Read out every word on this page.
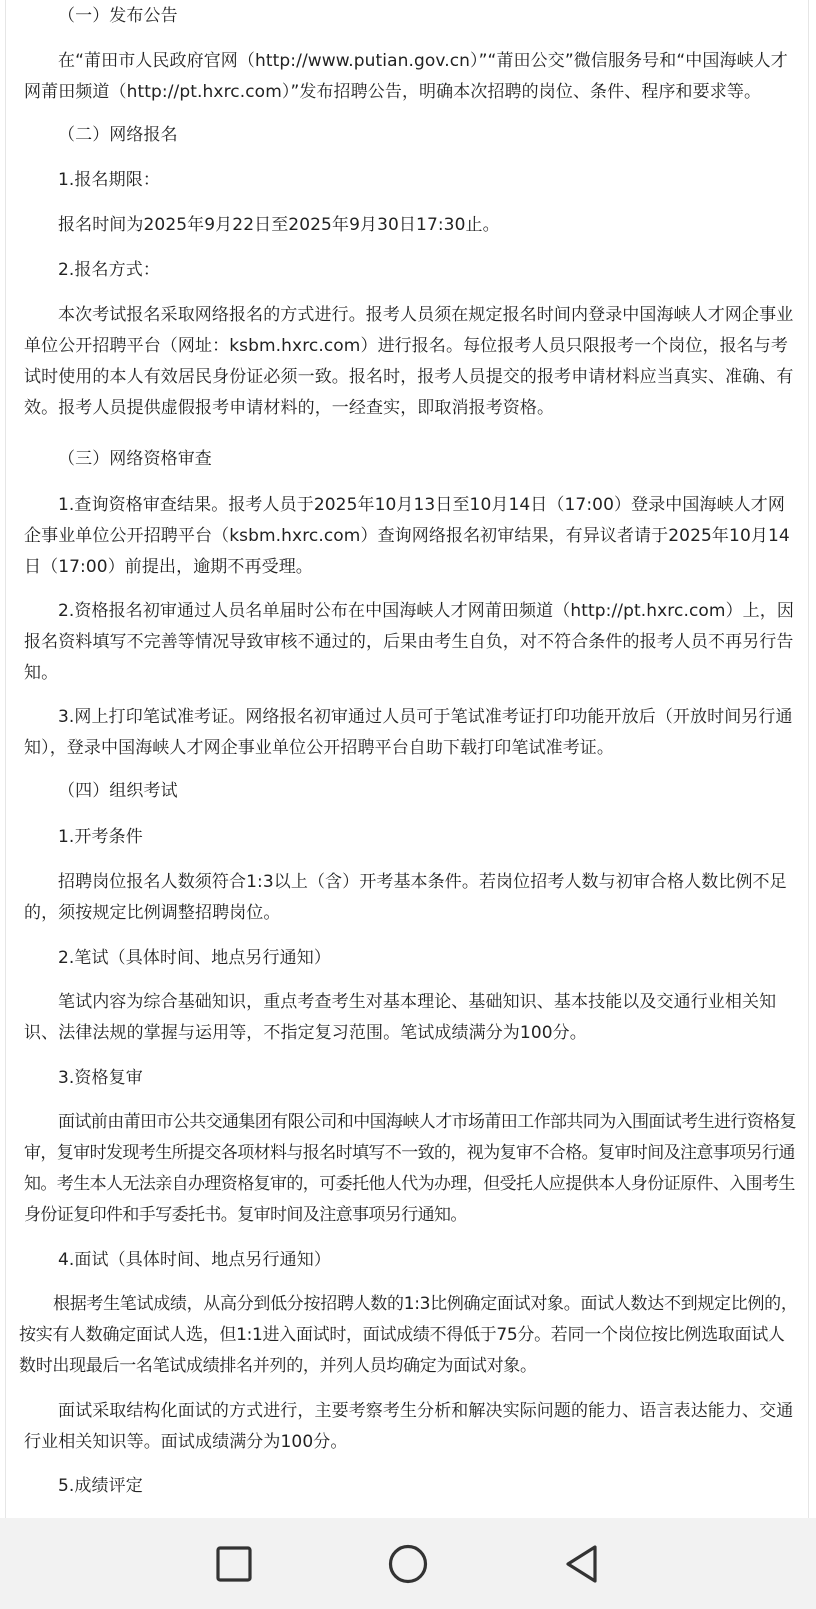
（一）发布公告

在“莆田市人民政府官网（http://www.putian.gov.cn）”“莆田公交”微信服务号和“中国海峡人才网莆田频道（http://pt.hxrc.com）”发布招聘公告，明确本次招聘的岗位、条件、程序和要求等。

（二）网络报名

1.报名期限：

报名时间为2025年9月22日至2025年9月30日17:30止。

2.报名方式：

本次考试报名采取网络报名的方式进行。报考人员须在规定报名时间内登录中国海峡人才网企事业单位公开招聘平台（网址：ksbm.hxrc.com）进行报名。每位报考人员只限报考一个岗位，报名与考试时使用的本人有效居民身份证必须一致。报名时，报考人员提交的报考申请材料应当真实、准确、有效。报考人员提供虚假报考申请材料的，一经查实，即取消报考资格。

（三）网络资格审查

1.查询资格审查结果。报考人员于2025年10月13日至10月14日（17:00）登录中国海峡人才网企事业单位公开招聘平台（ksbm.hxrc.com）查询网络报名初审结果，有异议者请于2025年10月14日（17:00）前提出，逾期不再受理。

2.资格报名初审通过人员名单届时公布在中国海峡人才网莆田频道（http://pt.hxrc.com）上，因报名资料填写不完善等情况导致审核不通过的，后果由考生自负，对不符合条件的报考人员不再另行告知。

3.网上打印笔试准考证。网络报名初审通过人员可于笔试准考证打印功能开放后（开放时间另行通知），登录中国海峡人才网企事业单位公开招聘平台自助下载打印笔试准考证。

（四）组织考试

1.开考条件

招聘岗位报名人数须符合1:3以上（含）开考基本条件。若岗位招考人数与初审合格人数比例不足的，须按规定比例调整招聘岗位。

2.笔试（具体时间、地点另行通知）

笔试内容为综合基础知识，重点考查考生对基本理论、基础知识、基本技能以及交通行业相关知识、法律法规的掌握与运用等，不指定复习范围。笔试成绩满分为100分。

3.资格复审

面试前由莆田市公共交通集团有限公司和中国海峡人才市场莆田工作部共同为入围面试考生进行资格复审，复审时发现考生所提交各项材料与报名时填写不一致的，视为复审不合格。复审时间及注意事项另行通知。考生本人无法亲自办理资格复审的，可委托他人代为办理，但受托人应提供本人身份证原件、入围考生身份证复印件和手写委托书。复审时间及注意事项另行通知。

4.面试（具体时间、地点另行通知）

根据考生笔试成绩，从高分到低分按招聘人数的1:3比例确定面试对象。面试人数达不到规定比例的，按实有人数确定面试人选，但1:1进入面试时，面试成绩不得低于75分。若同一个岗位按比例选取面试人数时出现最后一名笔试成绩排名并列的，并列人员均确定为面试对象。

面试采取结构化面试的方式进行，主要考察考生分析和解决实际问题的能力、语言表达能力、交通行业相关知识等。面试成绩满分为100分。

5.成绩评定
